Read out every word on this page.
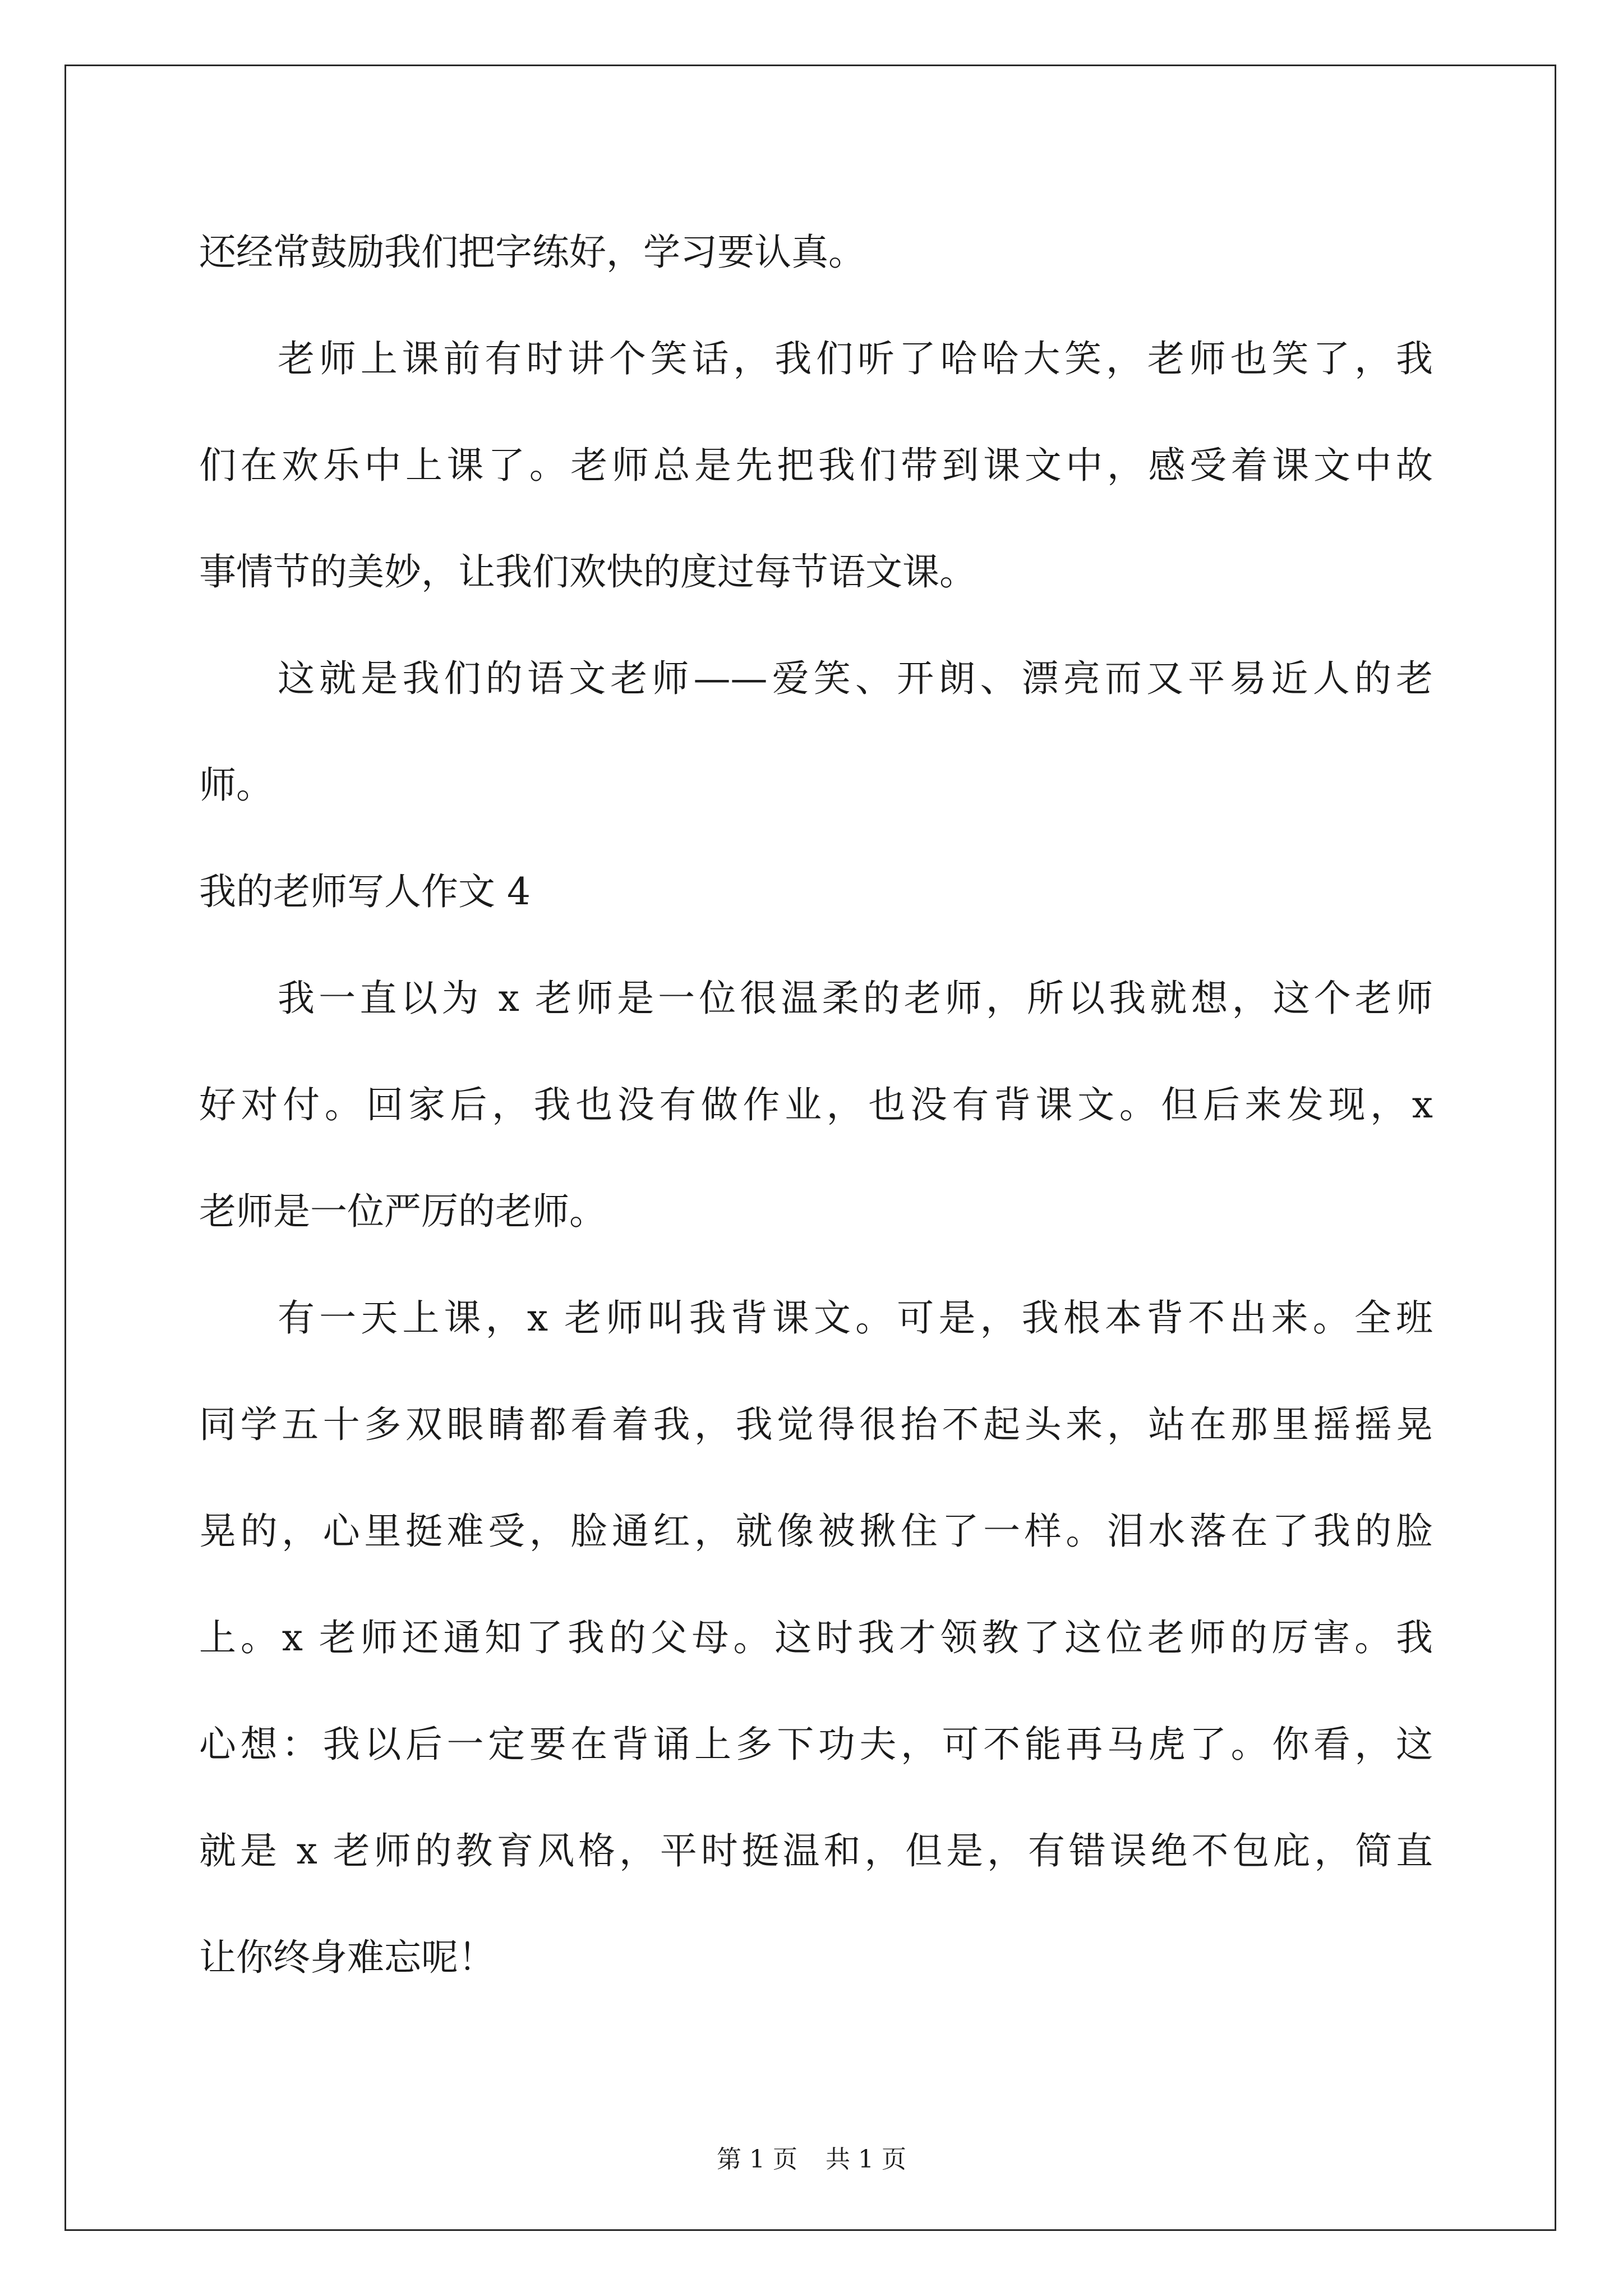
还经常鼓励我们把字练好，学习要认真。
老师上课前有时讲个笑话，我们听了哈哈大笑，老师也笑了，我
们在欢乐中上课了。老师总是先把我们带到课文中，感受着课文中故
事情节的美妙，让我们欢快的度过每节语文课。
这就是我们的语文老师——爱笑、开朗、漂亮而又平易近人的老
师。
我的老师写人作文 4
我一直以为 x 老师是一位很温柔的老师，所以我就想，这个老师
好对付。回家后，我也没有做作业，也没有背课文。但后来发现，x
老师是一位严厉的老师。
有一天上课，x 老师叫我背课文。可是，我根本背不出来。全班
同学五十多双眼睛都看着我，我觉得很抬不起头来，站在那里摇摇晃
晃的，心里挺难受，脸通红，就像被揪住了一样。泪水落在了我的脸
上。x 老师还通知了我的父母。这时我才领教了这位老师的厉害。我
心想：我以后一定要在背诵上多下功夫，可不能再马虎了。你看，这
就是 x 老师的教育风格，平时挺温和，但是，有错误绝不包庇，简直
让你终身难忘呢！
第 1 页 共 1 页
